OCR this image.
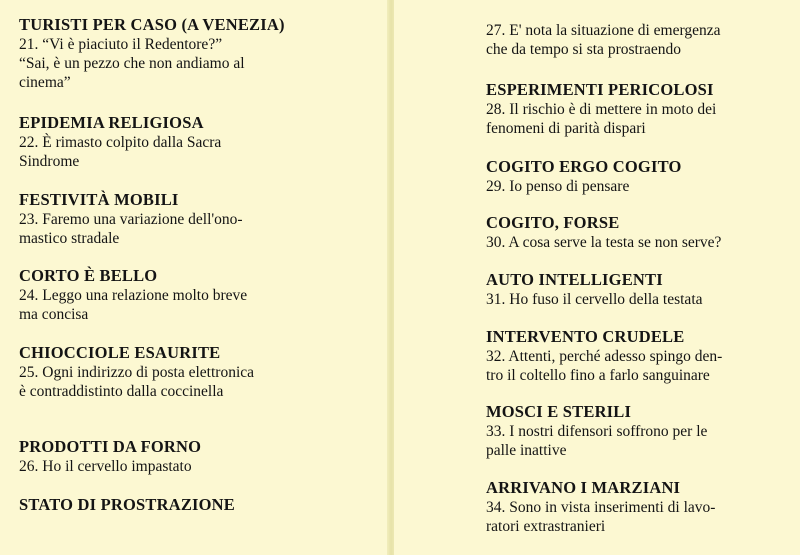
TURISTI PER CASO (A VENEZIA)
21. “Vi è piaciuto il Redentore?”
“Sai, è un pezzo che non andiamo al
cinema”
EPIDEMIA RELIGIOSA
22. È rimasto colpito dalla Sacra
Sindrome
FESTIVITÀ MOBILI
23. Faremo una variazione dell'ono-
mastico stradale
CORTO È BELLO
24. Leggo una relazione molto breve
ma concisa
CHIOCCIOLE ESAURITE
25. Ogni indirizzo di posta elettronica
è contraddistinto dalla coccinella
PRODOTTI DA FORNO
26. Ho il cervello impastato
STATO DI PROSTRAZIONE
27. E' nota la situazione di emergenza
che da tempo si sta prostraendo
ESPERIMENTI PERICOLOSI
28. Il rischio è di mettere in moto dei
fenomeni di parità dispari
COGITO ERGO COGITO
29. Io penso di pensare
COGITO, FORSE
30. A cosa serve la testa se non serve?
AUTO INTELLIGENTI
31. Ho fuso il cervello della testata
INTERVENTO CRUDELE
32. Attenti, perché adesso spingo den-
tro il coltello fino a farlo sanguinare
MOSCI E STERILI
33. I nostri difensori soffrono per le
palle inattive
ARRIVANO I MARZIANI
34. Sono in vista inserimenti di lavo-
ratori extrastranieri
